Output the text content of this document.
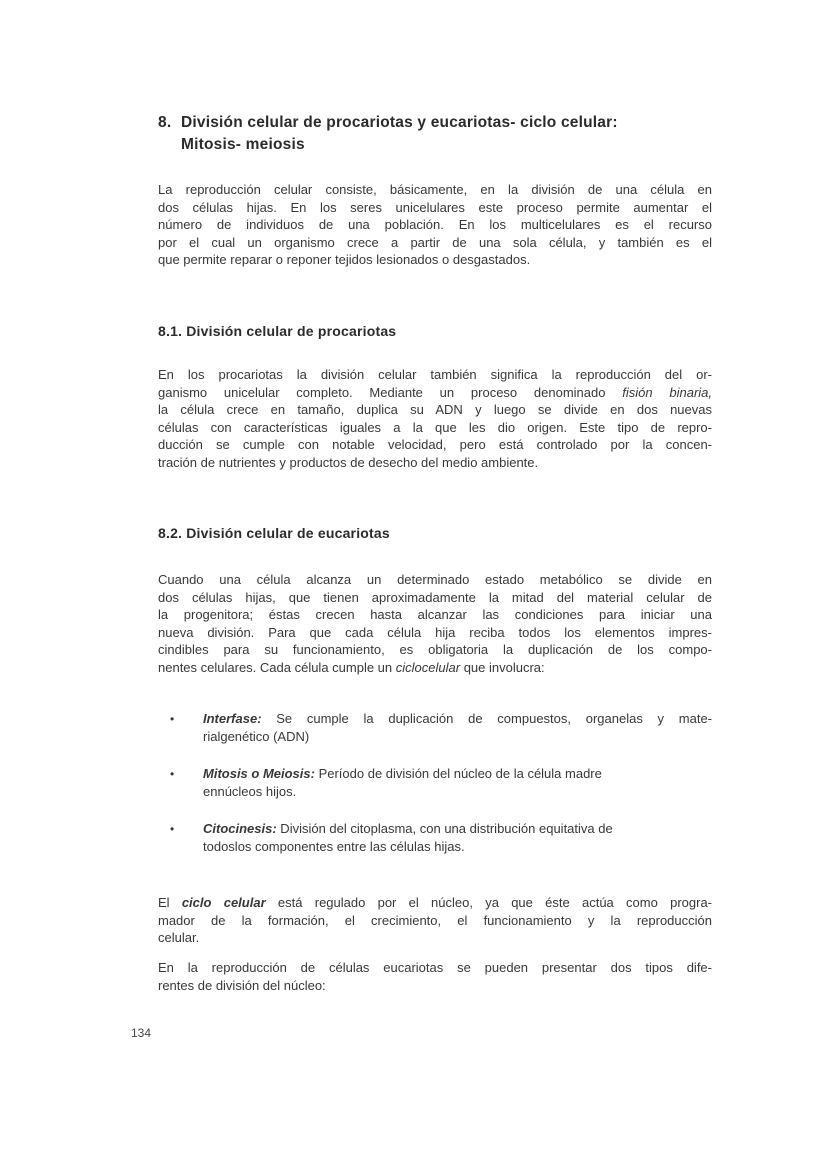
8. División celular de procariotas y eucariotas- ciclo celular:
Mitosis- meiosis
La reproducción celular consiste, básicamente, en la división de una célula en
dos células hijas. En los seres unicelulares este proceso permite aumentar el
número de individuos de una población. En los multicelulares es el recurso
por el cual un organismo crece a partir de una sola célula, y también es el
que permite reparar o reponer tejidos lesionados o desgastados.
8.1. División celular de procariotas
En los procariotas la división celular también significa la reproducción del or-
ganismo unicelular completo. Mediante un proceso denominado fisión binaria,
la célula crece en tamaño, duplica su ADN y luego se divide en dos nuevas
células con características iguales a la que les dio origen. Este tipo de repro-
ducción se cumple con notable velocidad, pero está controlado por la concen-
tración de nutrientes y productos de desecho del medio ambiente.
8.2. División celular de eucariotas
Cuando una célula alcanza un determinado estado metabólico se divide en
dos células hijas, que tienen aproximadamente la mitad del material celular de
la progenitora; éstas crecen hasta alcanzar las condiciones para iniciar una
nueva división. Para que cada célula hija reciba todos los elementos impres-
cindibles para su funcionamiento, es obligatoria la duplicación de los compo-
nentes celulares. Cada célula cumple un ciclocelular que involucra:
• Interfase: Se cumple la duplicación de compuestos, organelas y mate-
rialgenético (ADN)
• Mitosis o Meiosis: Período de división del núcleo de la célula madre
ennúcleos hijos.
• Citocinesis: División del citoplasma, con una distribución equitativa de
todoslos componentes entre las células hijas.
El ciclo celular está regulado por el núcleo, ya que éste actúa como progra-
mador de la formación, el crecimiento, el funcionamiento y la reproducción
celular.
En la reproducción de células eucariotas se pueden presentar dos tipos dife-
rentes de división del núcleo:
134
